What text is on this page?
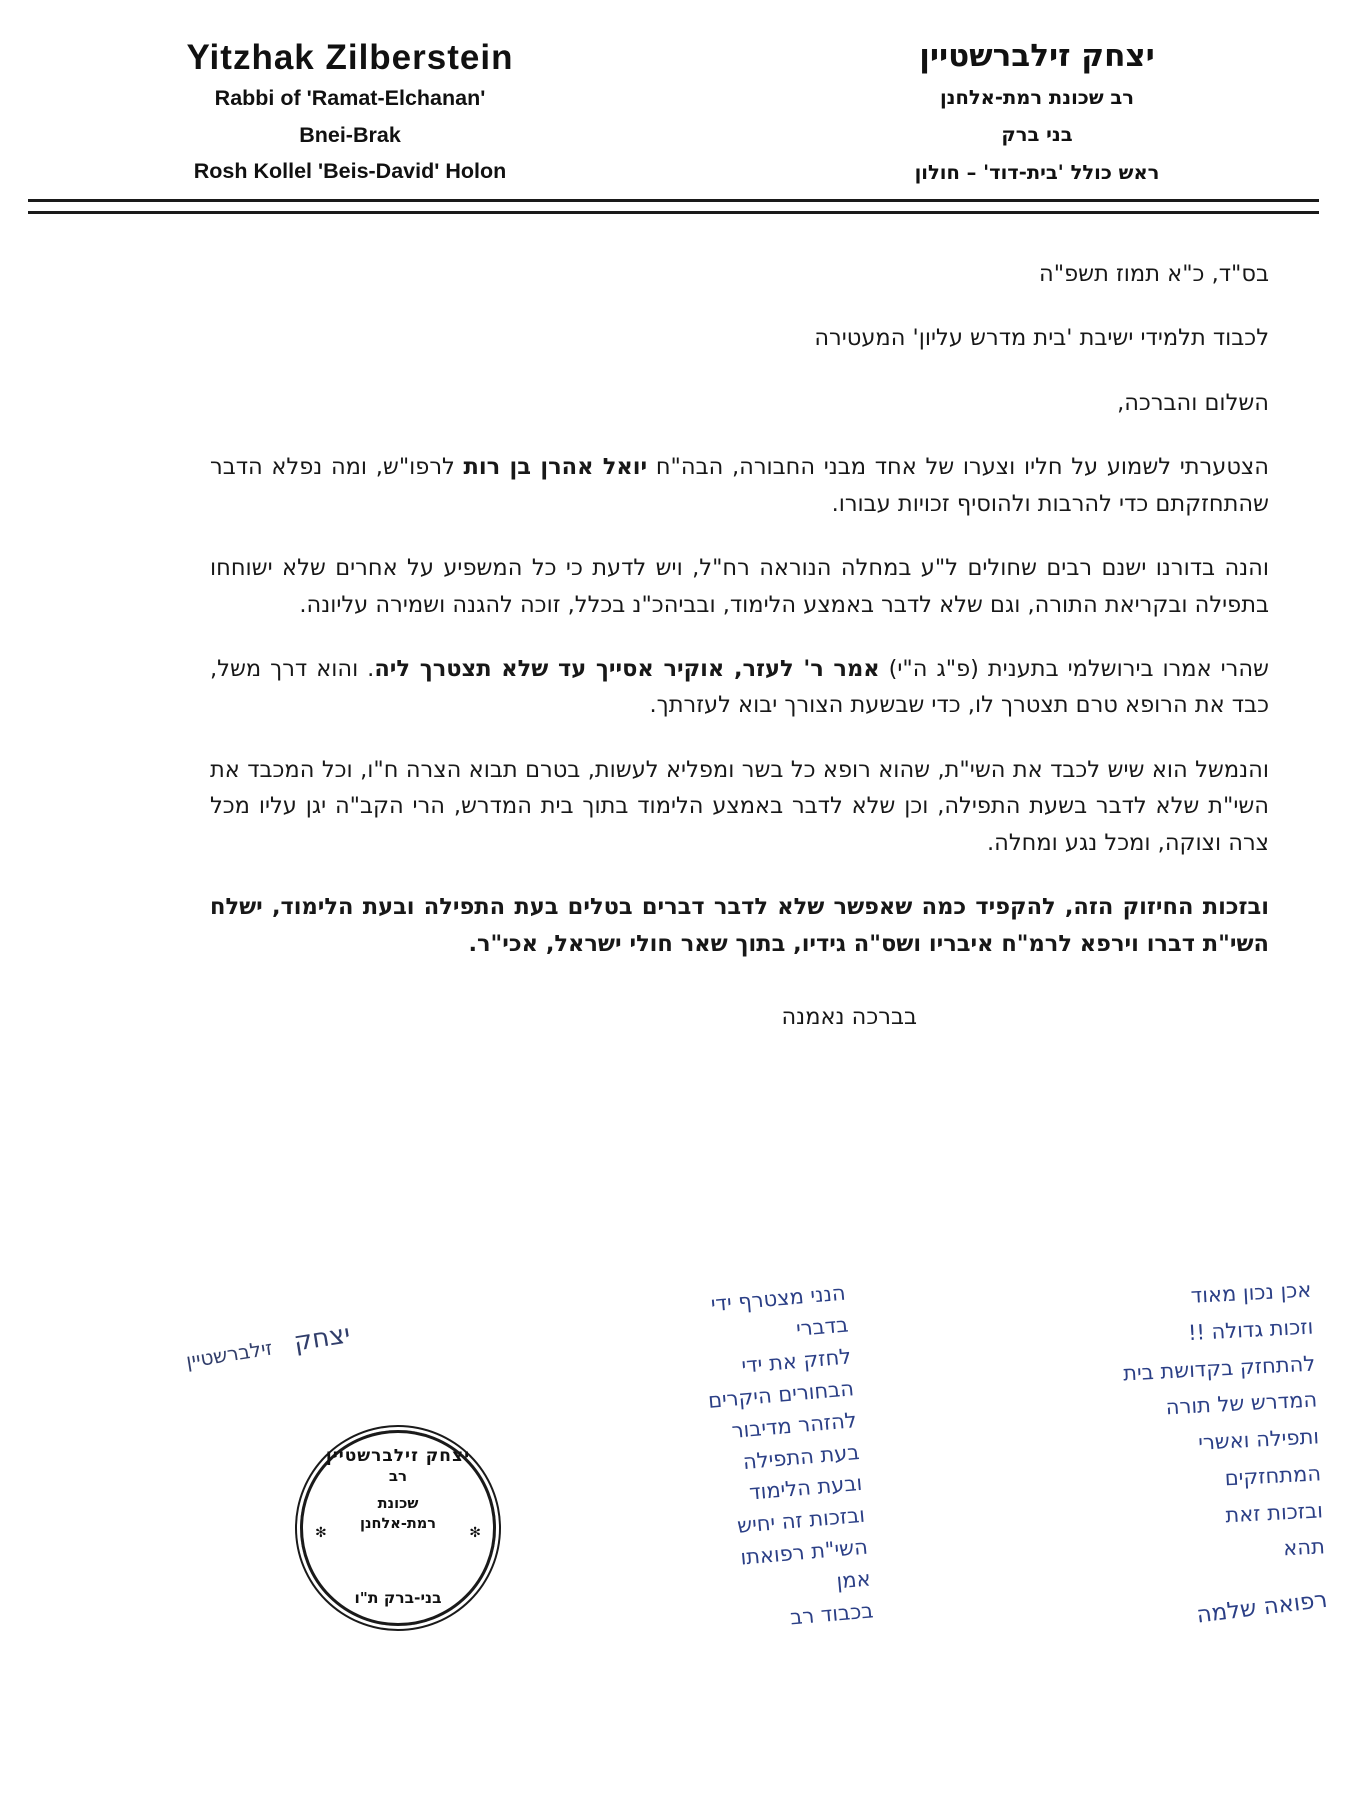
Yitzhak Zilberstein
Rabbi of 'Ramat-Elchanan'
Bnei-Brak
Rosh Kollel 'Beis-David' Holon
יצחק זילברשטיין
רב שכונת רמת-אלחנן
בני ברק
ראש כולל 'בית-דוד' – חולון

בס"ד, כ"א תמוז תשפ"ה

לכבוד תלמידי ישיבת 'בית מדרש עליון' המעטירה

השלום והברכה,

הצטערתי לשמוע על חליו וצערו של אחד מבני החבורה, הבה"ח יואל אהרן בן רות לרפו"ש, ומה נפלא הדבר שהתחזקתם כדי להרבות ולהוסיף זכויות עבורו.

והנה בדורנו ישנם רבים שחולים ל"ע במחלה הנוראה רח"ל, ויש לדעת כי כל המשפיע על אחרים שלא ישוחחו בתפילה ובקריאת התורה, וגם שלא לדבר באמצע הלימוד, ובביהכ"נ בכלל, זוכה להגנה ושמירה עליונה.

שהרי אמרו בירושלמי בתענית (פ"ג ה"י) אמר ר' לעזר, אוקיר אסייך עד שלא תצטרך ליה. והוא דרך משל, כבד את הרופא טרם תצטרך לו, כדי שבשעת הצורך יבוא לעזרתך.

והנמשל הוא שיש לכבד את השי"ת, שהוא רופא כל בשר ומפליא לעשות, בטרם תבוא הצרה ח"ו, וכל המכבד את השי"ת שלא לדבר בשעת התפילה, וכן שלא לדבר באמצע הלימוד בתוך בית המדרש, הרי הקב"ה יגן עליו מכל צרה וצוקה, ומכל נגע ומחלה.

ובזכות החיזוק הזה, להקפיד כמה שאפשר שלא לדבר דברים בטלים בעת התפילה ובעת הלימוד, ישלח השי"ת דברו וירפא לרמ"ח איבריו ושס"ה גידיו, בתוך שאר חולי ישראל, אכי"ר.

בברכה נאמנה
יצחק זילברשטיין
יצחק זילברשטיין
רב
שכונת
רמת-אלחנן
✻	✻
בני-ברק ת"ו
הנני מצטרף ידי
בדברי
לחזק את ידי
הבחורים היקרים
להזהר מדיבור
בעת התפילה
ובעת הלימוד
ובזכות זה יחיש
השי"ת רפואתו
אמן
בכבוד רב
אכן נכון מאוד
וזכות גדולה !!
להתחזק בקדושת בית
המדרש של תורה
ותפילה ואשרי
המתחזקים
ובזכות זאת
תהא
רפואה שלמה
